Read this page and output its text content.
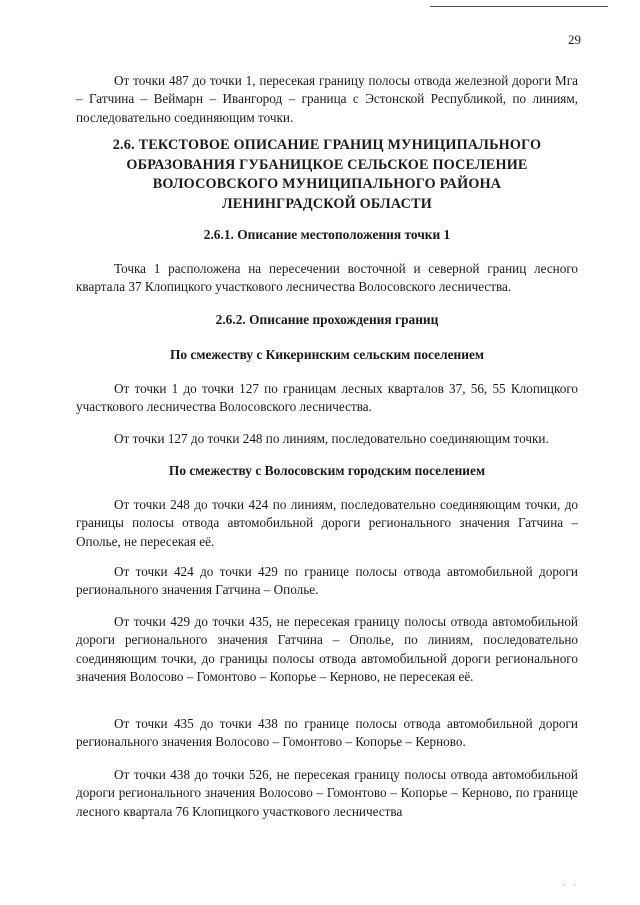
29

От точки 487 до точки 1, пересекая границу полосы отвода железной дороги Мга – Гатчина – Веймарн – Ивангород – граница с Эстонской Республикой, по линиям, последовательно соединяющим точки.

2.6. ТЕКСТОВОЕ ОПИСАНИЕ ГРАНИЦ МУНИЦИПАЛЬНОГО
ОБРАЗОВАНИЯ ГУБАНИЦКОЕ СЕЛЬСКОЕ ПОСЕЛЕНИЕ
ВОЛОСОВСКОГО МУНИЦИПАЛЬНОГО РАЙОНА
ЛЕНИНГРАДСКОЙ ОБЛАСТИ
2.6.1. Описание местоположения точки 1

Точка 1 расположена на пересечении восточной и северной границ лесного квартала 37 Клопицкого участкового лесничества Волосовского лесничества.

2.6.2. Описание прохождения границ
По смежеству с Кикеринским сельским поселением

От точки 1 до точки 127 по границам лесных кварталов 37, 56, 55 Клопицкого участкового лесничества Волосовского лесничества.

От точки 127 до точки 248 по линиям, последовательно соединяющим точки.

По смежеству с Волосовским городским поселением

От точки 248 до точки 424 по линиям, последовательно соединяющим точки, до границы полосы отвода автомобильной дороги регионального значения Гатчина – Ополье, не пересекая её.

От точки 424 до точки 429 по границе полосы отвода автомобильной дороги регионального значения Гатчина – Ополье.

От точки 429 до точки 435, не пересекая границу полосы отвода автомобильной дороги регионального значения Гатчина – Ополье, по линиям, последовательно соединяющим точки, до границы полосы отвода автомобильной дороги регионального значения Волосово – Гомонтово – Копорье – Керново, не пересекая её.

От точки 435 до точки 438 по границе полосы отвода автомобильной дороги регионального значения Волосово – Гомонтово – Копорье – Керново.

От точки 438 до точки 526, не пересекая границу полосы отвода автомобильной дороги регионального значения Волосово – Гомонтово – Копорье – Керново, по границе лесного квартала 76 Клопицкого участкового лесничества

· ·
